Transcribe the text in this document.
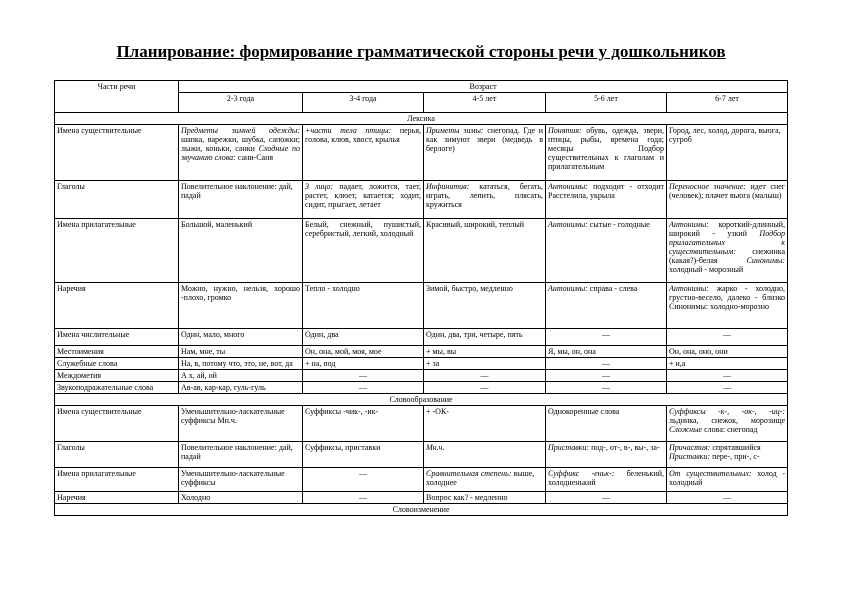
Планирование: формирование грамматической стороны речи у дошкольников
Части речи	Возраст				
	2-3 года	3-4 года	4-5 лет	5-6 лет	6-7 лет
Лексика					
Имена существительные	Предметы зимней одежды: шапка, варежки, шубка, сапожки; лыжи, коньки, санки Сходные по звучанию слова: сани-Саня	+части тела птицы: перья, голова, клюв, хвост, крылья	Приметы зимы: снегопад. Где и как зимуют звери (медведь в берлоге)	Понятия: обувь, одежда, звери, птицы, рыбы, времена года; месяцы Подбор существительных к глаголам и прилагательным	Город, лес, холод, дорога, вьюга, сугроб
Глаголы	Повелительное наклонение: дай, падай	3 лицо: падает, ложится, тает, растет, клюет, катается; ходит, сидит, прыгает, летает	Инфинитив: кататься, бегать, играть, лепить, плясать, кружиться	Антонимы: подходит - отходит Расстелила, укрыла	Переносное значение: идет снег (человек); плачет вьюга (малыш)
Имена прилагательные	Большой, маленький	Белый, снежный, пушистый, серебристый, легкий, холодный	Красивый, широкий, теплый	Антонимы: сытые - голодные	Антонимы: короткий-длинный, широкий - узкий Подбор прилагательных к существительным: снежинка (какая?)-белая Синонимы: холодный - морозный
Наречия	Можно, нужно, нельзя, хорошо -плохо, громко	Тепло - холодно	Зимой, быстро, медленно	Антонимы: справа - слева	Антонимы: жарко - холодно, грустно-весело, далеко - близко Синонимы: холодно-морозно
Имена числительные	Один, мало, много	Один, два	Один, два, три, четыре, пять	—	—
Местоимения	Нам, мне, ты	Он, она, мой, моя, мое	+ мы, вы	Я, мы, он, она	Он, она, оно, они
Служебные слова	На, в, потому что, это, не, вот, да	+ на, под	+ за	—	+ и,а
Междометия	А х, ай, ой	—	—	—	—
Звукоподражательные слова	Ав-ав, кар-кар, гуль-гуль	—	—	—	—
Словообразование					
Имена существительные	Уменьшительно-ласкательные суффиксы Мн.ч.	Суффиксы -чик-, -ик-	+ -ОК-	Однокоренные слова	Суффиксы -к-, -ок-, -иц-: льдинка, снежок, морозище Сложные слова: снегопад
Глаголы	Повелительное наклонение: дай, падай	Суффиксы, приставки	Мн.ч.	Приставки: под-, от-, в-, вы-, за-	Причастия: спрятавшийся Приставки: пере-, при-, с-
Имена прилагательные	Уменьшительно-ласкательные суффиксы	—	Сравнительная степень: выше, холоднее	Суффикс -еньк-: беленький, холодненький	От существительных: холод - холодный
Наречия	Холодно	—	Вопрос как? - медленно	—	—
Словоизменение					
